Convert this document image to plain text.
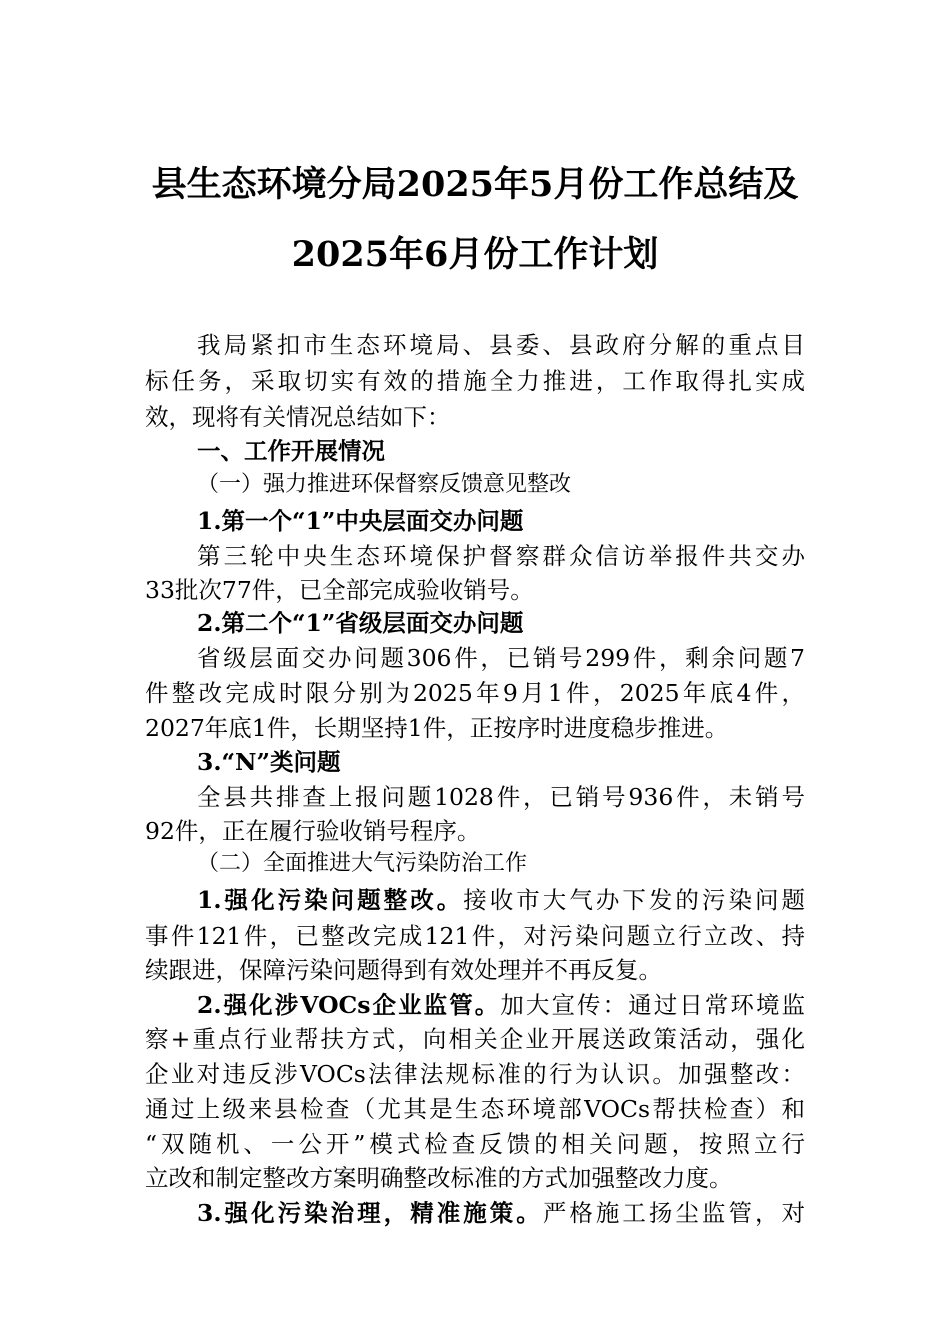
县生态环境分局2025年5月份工作总结及
2025年6月份工作计划
我局紧扣市生态环境局、县委、县政府分解的重点目
标任务，采取切实有效的措施全力推进，工作取得扎实成
效，现将有关情况总结如下：
一、工作开展情况
（一）强力推进环保督察反馈意见整改
1.第一个“1”中央层面交办问题
第三轮中央生态环境保护督察群众信访举报件共交办
33批次77件，已全部完成验收销号。
2.第二个“1”省级层面交办问题
省级层面交办问题306件，已销号299件，剩余问题7
件整改完成时限分别为2025年9月1件，2025年底4件，
2027年底1件，长期坚持1件，正按序时进度稳步推进。
3.“N”类问题
全县共排查上报问题1028件，已销号936件，未销号
92件，正在履行验收销号程序。
（二）全面推进大气污染防治工作
1.强化污染问题整改。接收市大气办下发的污染问题
事件121件，已整改完成121件，对污染问题立行立改、持
续跟进，保障污染问题得到有效处理并不再反复。
2.强化涉VOCs企业监管。加大宣传：通过日常环境监
察+重点行业帮扶方式，向相关企业开展送政策活动，强化
企业对违反涉VOCs法律法规标准的行为认识。加强整改：
通过上级来县检查（尤其是生态环境部VOCs帮扶检查）和
“双随机、一公开”模式检查反馈的相关问题，按照立行
立改和制定整改方案明确整改标准的方式加强整改力度。
3.强化污染治理，精准施策。严格施工扬尘监管，对
